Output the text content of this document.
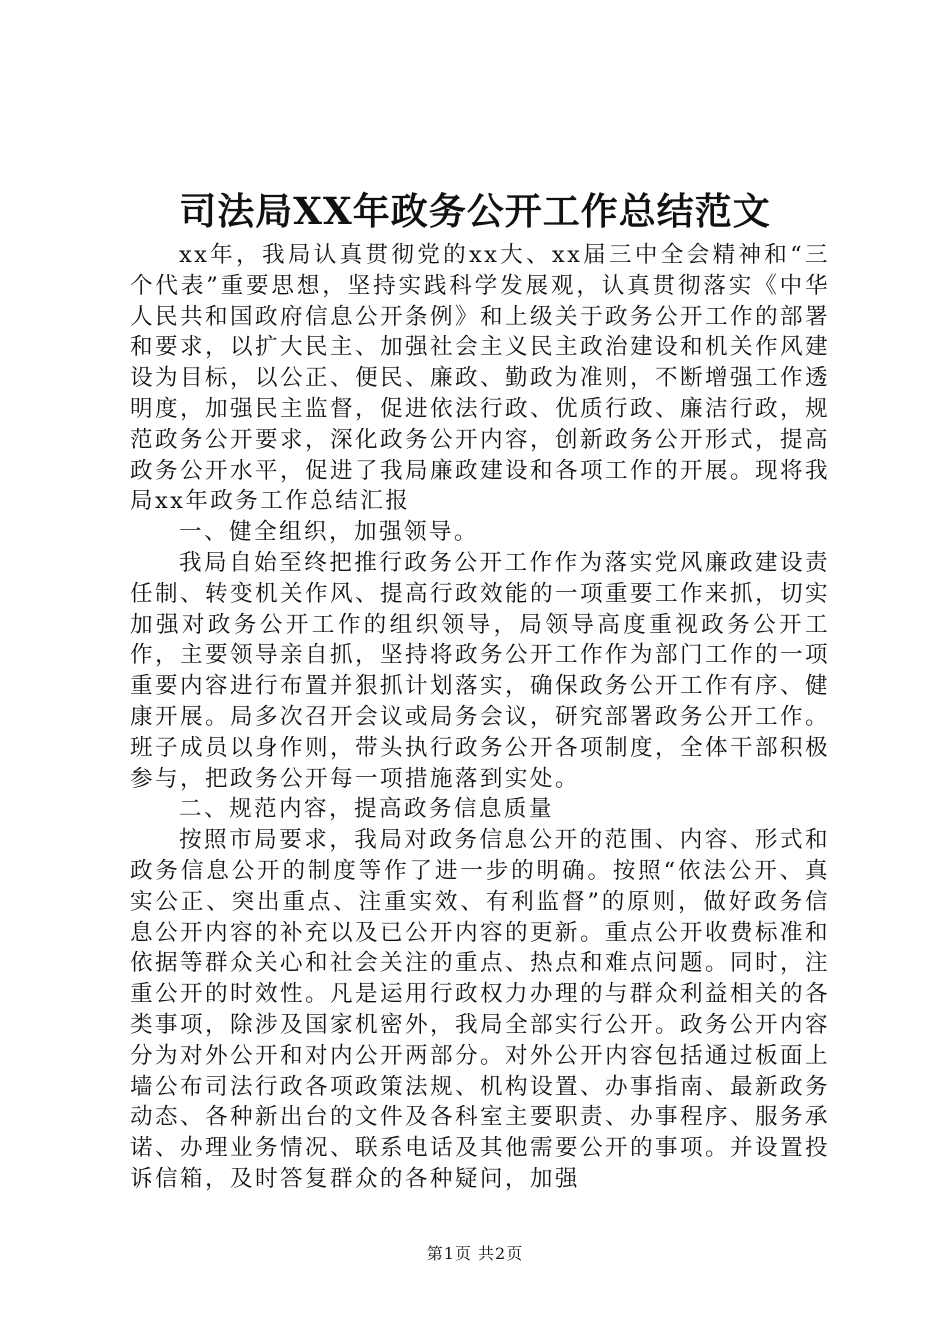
司法局XX年政务公开工作总结范文

xx年，我局认真贯彻党的xx大、xx届三中全会精神和“三个代表”重要思想，坚持实践科学发展观，认真贯彻落实《中华人民共和国政府信息公开条例》和上级关于政务公开工作的部署和要求，以扩大民主、加强社会主义民主政治建设和机关作风建设为目标，以公正、便民、廉政、勤政为准则，不断增强工作透明度，加强民主监督，促进依法行政、优质行政、廉洁行政，规范政务公开要求，深化政务公开内容，创新政务公开形式，提高政务公开水平，促进了我局廉政建设和各项工作的开展。现将我局xx年政务工作总结汇报

一、健全组织，加强领导。

我局自始至终把推行政务公开工作作为落实党风廉政建设责任制、转变机关作风、提高行政效能的一项重要工作来抓，切实加强对政务公开工作的组织领导，局领导高度重视政务公开工作，主要领导亲自抓，坚持将政务公开工作作为部门工作的一项重要内容进行布置并狠抓计划落实，确保政务公开工作有序、健康开展。局多次召开会议或局务会议，研究部署政务公开工作。班子成员以身作则，带头执行政务公开各项制度，全体干部积极参与，把政务公开每一项措施落到实处。

二、规范内容，提高政务信息质量

按照市局要求，我局对政务信息公开的范围、内容、形式和政务信息公开的制度等作了进一步的明确。按照“依法公开、真实公正、突出重点、注重实效、有利监督”的原则，做好政务信息公开内容的补充以及已公开内容的更新。重点公开收费标准和依据等群众关心和社会关注的重点、热点和难点问题。同时，注重公开的时效性。凡是运用行政权力办理的与群众利益相关的各类事项，除涉及国家机密外，我局全部实行公开。政务公开内容分为对外公开和对内公开两部分。对外公开内容包括通过板面上墙公布司法行政各项政策法规、机构设置、办事指南、最新政务动态、各种新出台的文件及各科室主要职责、办事程序、服务承诺、办理业务情况、联系电话及其他需要公开的事项。并设置投诉信箱，及时答复群众的各种疑问，加强

第1页 共2页
